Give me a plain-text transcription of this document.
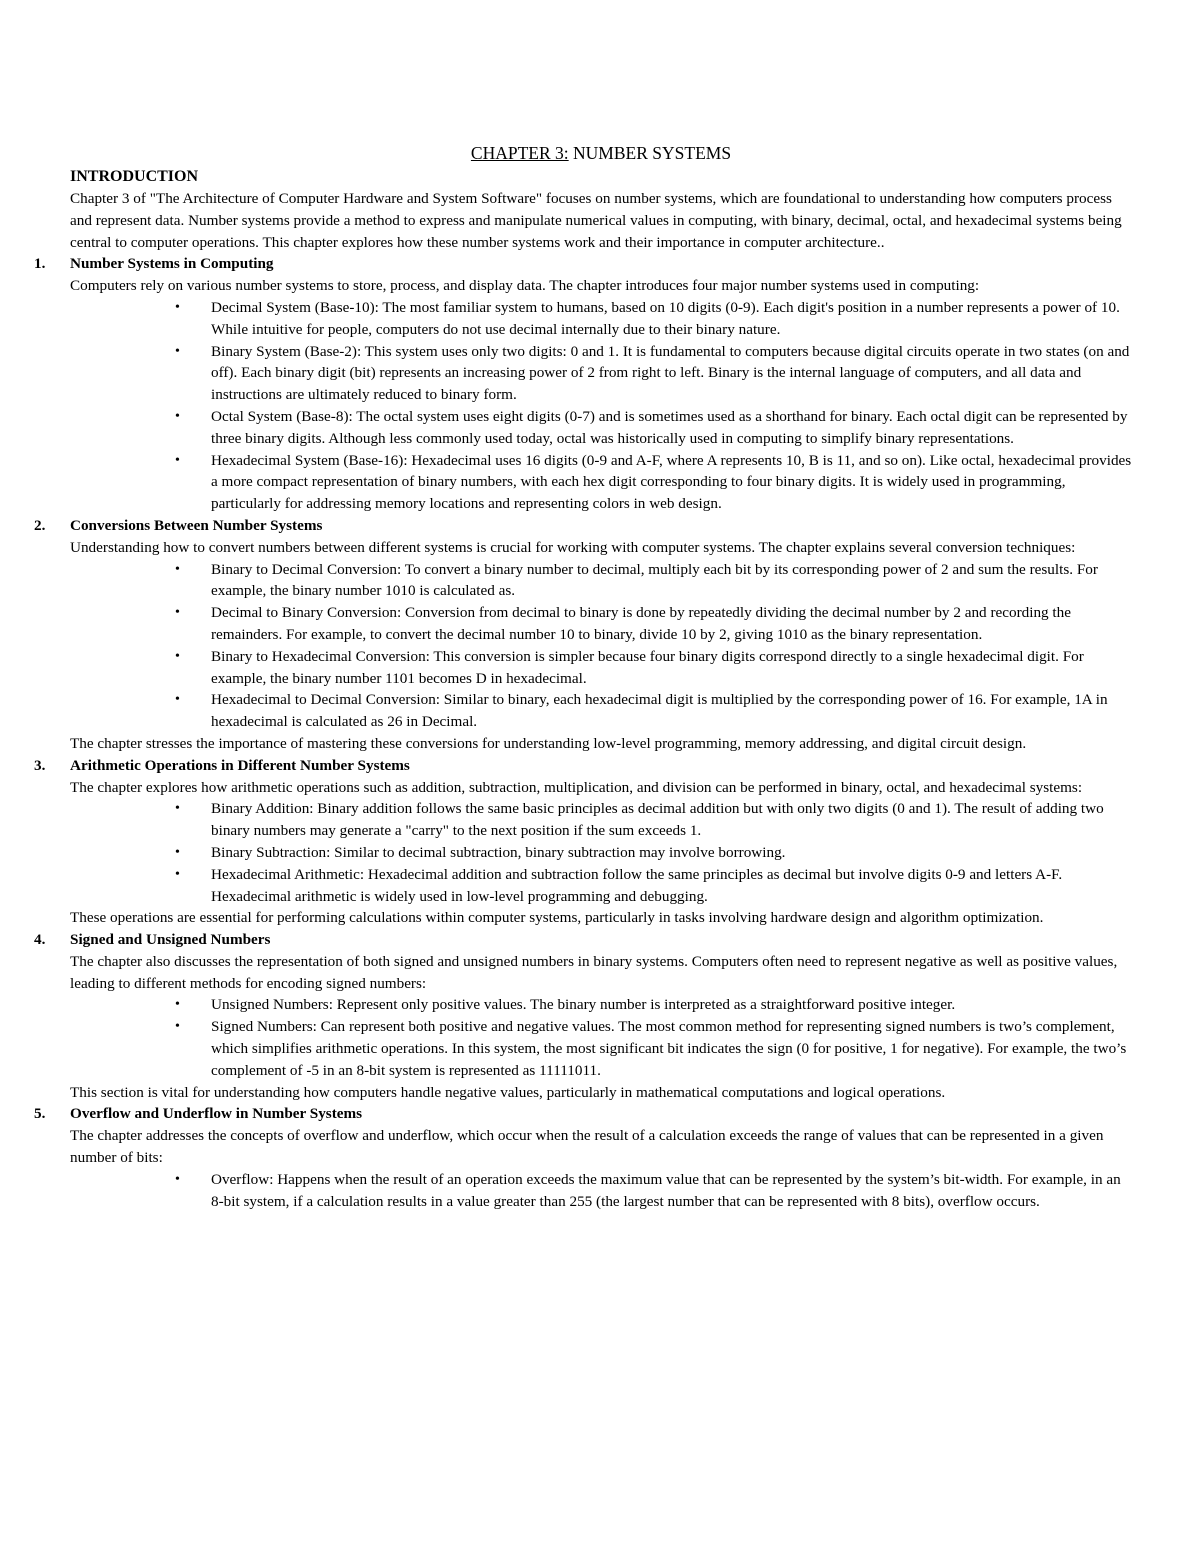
CHAPTER 3: NUMBER SYSTEMS
INTRODUCTION

Chapter 3 of "The Architecture of Computer Hardware and System Software" focuses on number systems, which are foundational to understanding how computers process and represent data. Number systems provide a method to express and manipulate numerical values in computing, with binary, decimal, octal, and hexadecimal systems being central to computer operations. This chapter explores how these number systems work and their importance in computer architecture..

1.	Number Systems in Computing

Computers rely on various number systems to store, process, and display data. The chapter introduces four major number systems used in computing:

• Decimal System (Base-10): The most familiar system to humans, based on 10 digits (0-9). Each digit's position in a number represents a power of 10. While intuitive for people, computers do not use decimal internally due to their binary nature.
• Binary System (Base-2): This system uses only two digits: 0 and 1. It is fundamental to computers because digital circuits operate in two states (on and off). Each binary digit (bit) represents an increasing power of 2 from right to left. Binary is the internal language of computers, and all data and instructions are ultimately reduced to binary form.
• Octal System (Base-8): The octal system uses eight digits (0-7) and is sometimes used as a shorthand for binary. Each octal digit can be represented by three binary digits. Although less commonly used today, octal was historically used in computing to simplify binary representations.
• Hexadecimal System (Base-16): Hexadecimal uses 16 digits (0-9 and A-F, where A represents 10, B is 11, and so on). Like octal, hexadecimal provides a more compact representation of binary numbers, with each hex digit corresponding to four binary digits. It is widely used in programming, particularly for addressing memory locations and representing colors in web design.
2.	Conversions Between Number Systems

Understanding how to convert numbers between different systems is crucial for working with computer systems. The chapter explains several conversion techniques:

• Binary to Decimal Conversion: To convert a binary number to decimal, multiply each bit by its corresponding power of 2 and sum the results. For example, the binary number 1010 is calculated as.
• Decimal to Binary Conversion: Conversion from decimal to binary is done by repeatedly dividing the decimal number by 2 and recording the remainders. For example, to convert the decimal number 10 to binary, divide 10 by 2, giving 1010 as the binary representation.
• Binary to Hexadecimal Conversion: This conversion is simpler because four binary digits correspond directly to a single hexadecimal digit. For example, the binary number 1101 becomes D in hexadecimal.
• Hexadecimal to Decimal Conversion: Similar to binary, each hexadecimal digit is multiplied by the corresponding power of 16. For example, 1A in hexadecimal is calculated as 26 in Decimal.

The chapter stresses the importance of mastering these conversions for understanding low-level programming, memory addressing, and digital circuit design.

3.	Arithmetic Operations in Different Number Systems

The chapter explores how arithmetic operations such as addition, subtraction, multiplication, and division can be performed in binary, octal, and hexadecimal systems:

• Binary Addition: Binary addition follows the same basic principles as decimal addition but with only two digits (0 and 1). The result of adding two binary numbers may generate a "carry" to the next position if the sum exceeds 1.
• Binary Subtraction: Similar to decimal subtraction, binary subtraction may involve borrowing.
• Hexadecimal Arithmetic: Hexadecimal addition and subtraction follow the same principles as decimal but involve digits 0-9 and letters A-F. Hexadecimal arithmetic is widely used in low-level programming and debugging.

These operations are essential for performing calculations within computer systems, particularly in tasks involving hardware design and algorithm optimization.

4.	Signed and Unsigned Numbers

The chapter also discusses the representation of both signed and unsigned numbers in binary systems. Computers often need to represent negative as well as positive values, leading to different methods for encoding signed numbers:

• Unsigned Numbers: Represent only positive values. The binary number is interpreted as a straightforward positive integer.
• Signed Numbers: Can represent both positive and negative values. The most common method for representing signed numbers is two’s complement, which simplifies arithmetic operations. In this system, the most significant bit indicates the sign (0 for positive, 1 for negative). For example, the two’s complement of -5 in an 8-bit system is represented as 11111011.

This section is vital for understanding how computers handle negative values, particularly in mathematical computations and logical operations.

5.	Overflow and Underflow in Number Systems

The chapter addresses the concepts of overflow and underflow, which occur when the result of a calculation exceeds the range of values that can be represented in a given number of bits:

• Overflow: Happens when the result of an operation exceeds the maximum value that can be represented by the system’s bit-width. For example, in an 8-bit system, if a calculation results in a value greater than 255 (the largest number that can be represented with 8 bits), overflow occurs.
